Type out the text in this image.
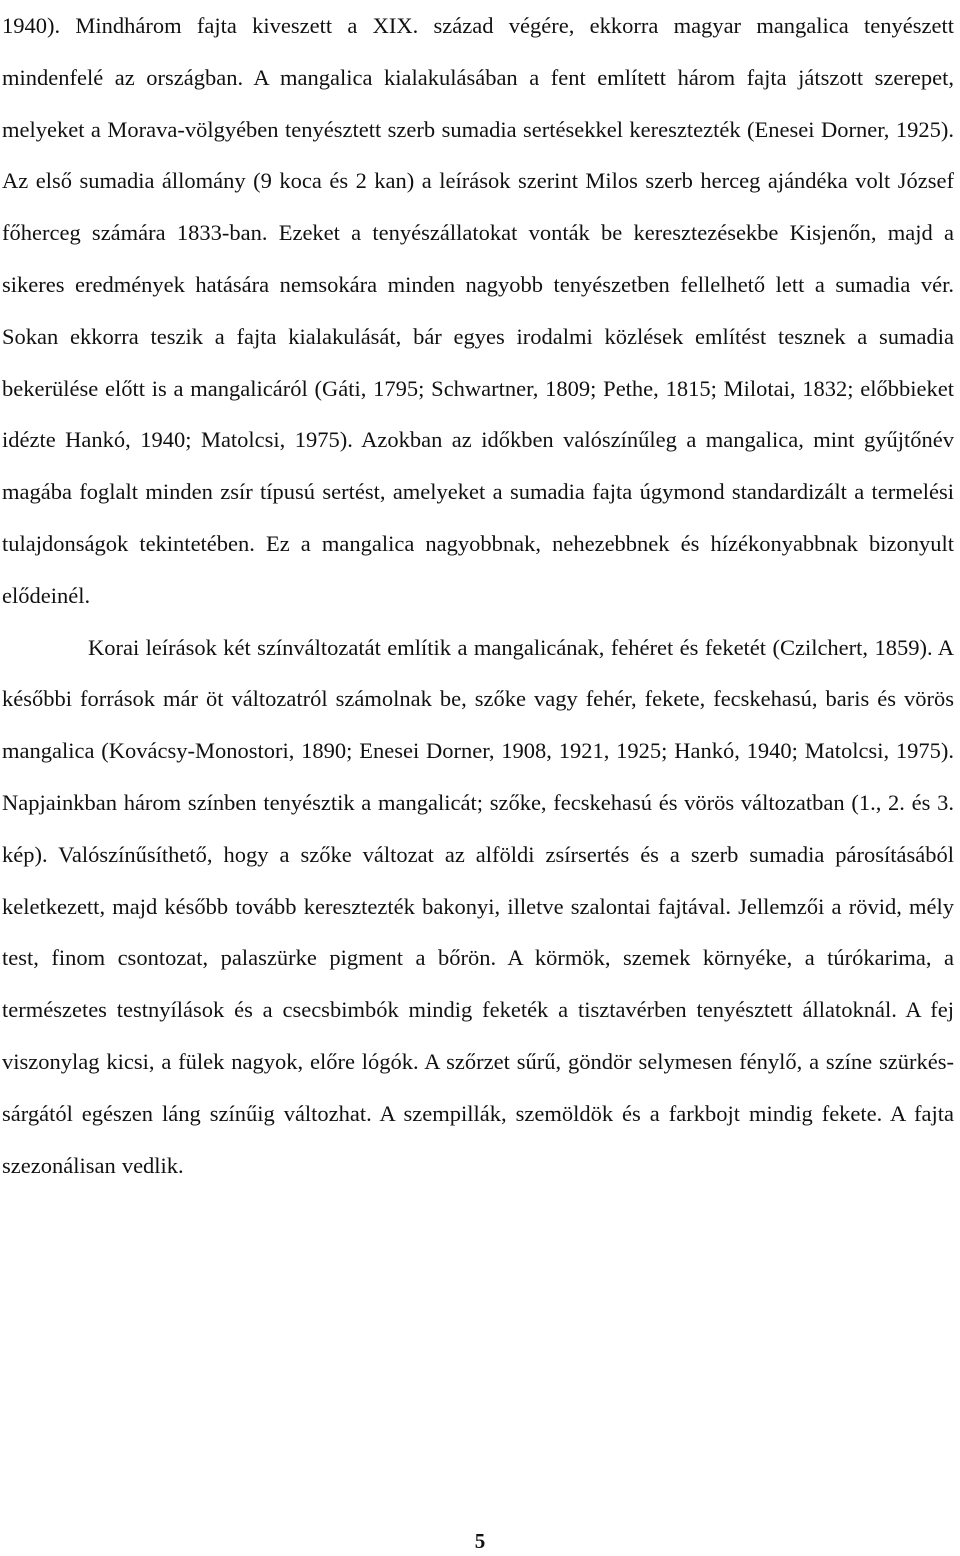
1940). Mindhárom fajta kiveszett a XIX. század végére, ekkorra magyar mangalica tenyészett mindenfelé az országban. A mangalica kialakulásában a fent említett három fajta játszott szerepet, melyeket a Morava-völgyében tenyésztett szerb sumadia sertésekkel keresztezték (Enesei Dorner, 1925). Az első sumadia állomány (9 koca és 2 kan) a leírások szerint Milos szerb herceg ajándéka volt József főherceg számára 1833-ban. Ezeket a tenyészállatokat vonták be keresztezésekbe Kisjenőn, majd a sikeres eredmények hatására nemsokára minden nagyobb tenyészetben fellelhető lett a sumadia vér. Sokan ekkorra teszik a fajta kialakulását, bár egyes irodalmi közlések említést tesznek a sumadia bekerülése előtt is a mangalicáról (Gáti, 1795; Schwartner, 1809; Pethe, 1815; Milotai, 1832; előbbieket idézte Hankó, 1940; Matolcsi, 1975). Azokban az időkben valószínűleg a mangalica, mint gyűjtőnév magába foglalt minden zsír típusú sertést, amelyeket a sumadia fajta úgymond standardizált a termelési tulajdonságok tekintetében. Ez a mangalica nagyobbnak, nehezebbnek és hízékonyabbnak bizonyult elődeinél.

Korai leírások két színváltozatát említik a mangalicának, fehéret és feketét (Czilchert, 1859). A későbbi források már öt változatról számolnak be, szőke vagy fehér, fekete, fecskehasú, baris és vörös mangalica (Kovácsy-Monostori, 1890; Enesei Dorner, 1908, 1921, 1925; Hankó, 1940; Matolcsi, 1975). Napjainkban három színben tenyésztik a mangalicát; szőke, fecskehasú és vörös változatban (1., 2. és 3. kép). Valószínűsíthető, hogy a szőke változat az alföldi zsírsertés és a szerb sumadia párosításából keletkezett, majd később tovább keresztezték bakonyi, illetve szalontai fajtával. Jellemzői a rövid, mély test, finom csontozat, palaszürke pigment a bőrön. A körmök, szemek környéke, a túrókarima, a természetes testnyílások és a csecsbimbók mindig feketék a tisztavérben tenyésztett állatoknál. A fej viszonylag kicsi, a fülek nagyok, előre lógók. A szőrzet sűrű, göndör selymesen fénylő, a színe szürkés-sárgától egészen láng színűig változhat. A szempillák, szemöldök és a farkbojt mindig fekete. A fajta szezonálisan vedlik.

5
